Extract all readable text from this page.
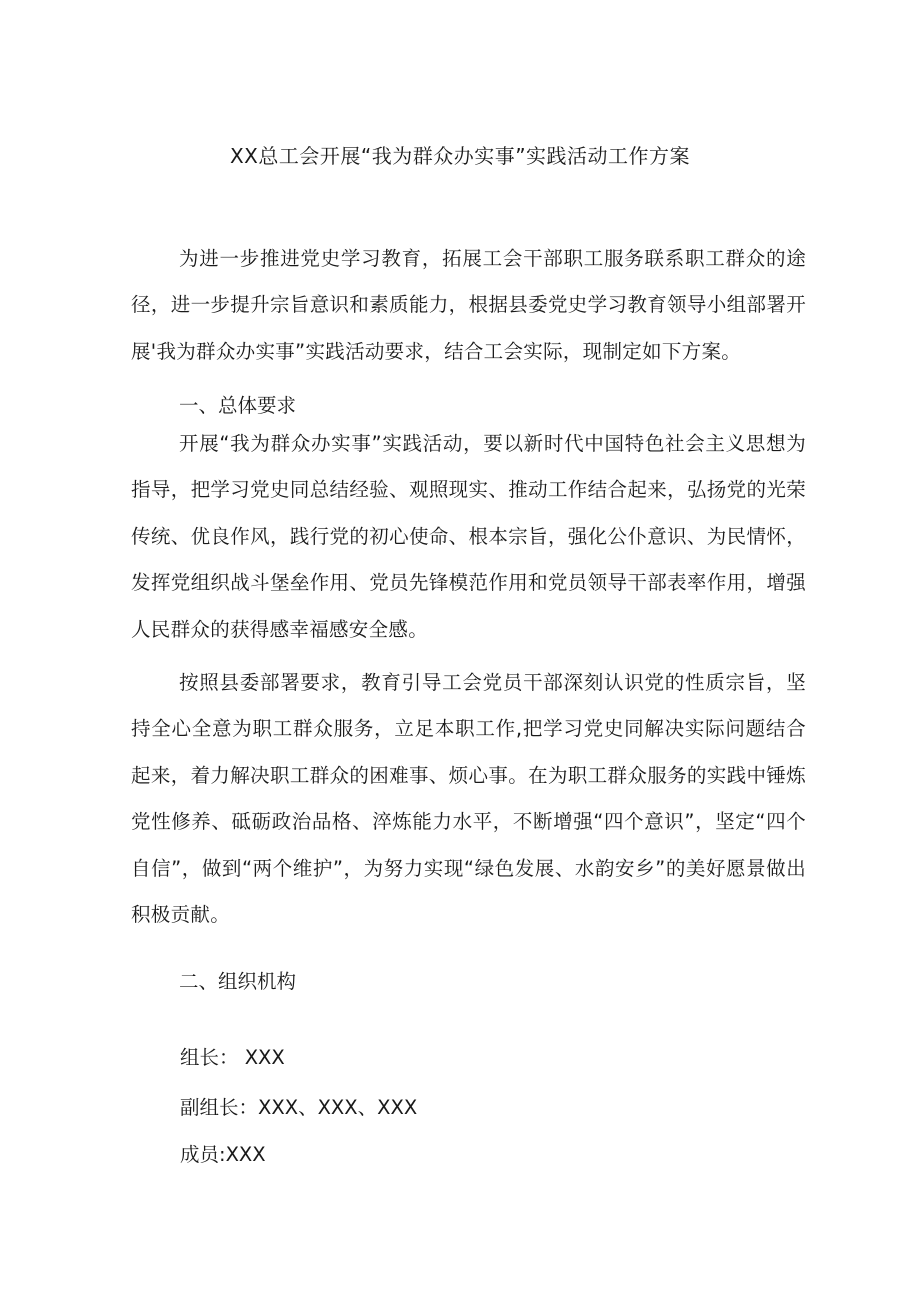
XX总工会开展“我为群众办实事”实践活动工作方案

为进一步推进党史学习教育，拓展工会干部职工服务联系职工群众的途径，进一步提升宗旨意识和素质能力，根据县委党史学习教育领导小组部署开展'我为群众办实事”实践活动要求，结合工会实际，现制定如下方案。

一、总体要求

开展“我为群众办实事”实践活动，要以新时代中国特色社会主义思想为指导，把学习党史同总结经验、观照现实、推动工作结合起来，弘扬党的光荣传统、优良作风，践行党的初心使命、根本宗旨，强化公仆意识、为民情怀，发挥党组织战斗堡垒作用、党员先锋模范作用和党员领导干部表率作用，增强人民群众的获得感幸福感安全感。

按照县委部署要求，教育引导工会党员干部深刻认识党的性质宗旨，坚持全心全意为职工群众服务，立足本职工作,把学习党史同解决实际问题结合起来，着力解决职工群众的困难事、烦心事。在为职工群众服务的实践中锤炼党性修养、砥砺政治品格、淬炼能力水平，不断增强“四个意识”，坚定“四个自信”，做到“两个维护”，为努力实现“绿色发展、水韵安乡”的美好愿景做出积极贡献。

二、组织机构

组长： XXX

副组长：XXX、XXX、XXX

成员:XXX
